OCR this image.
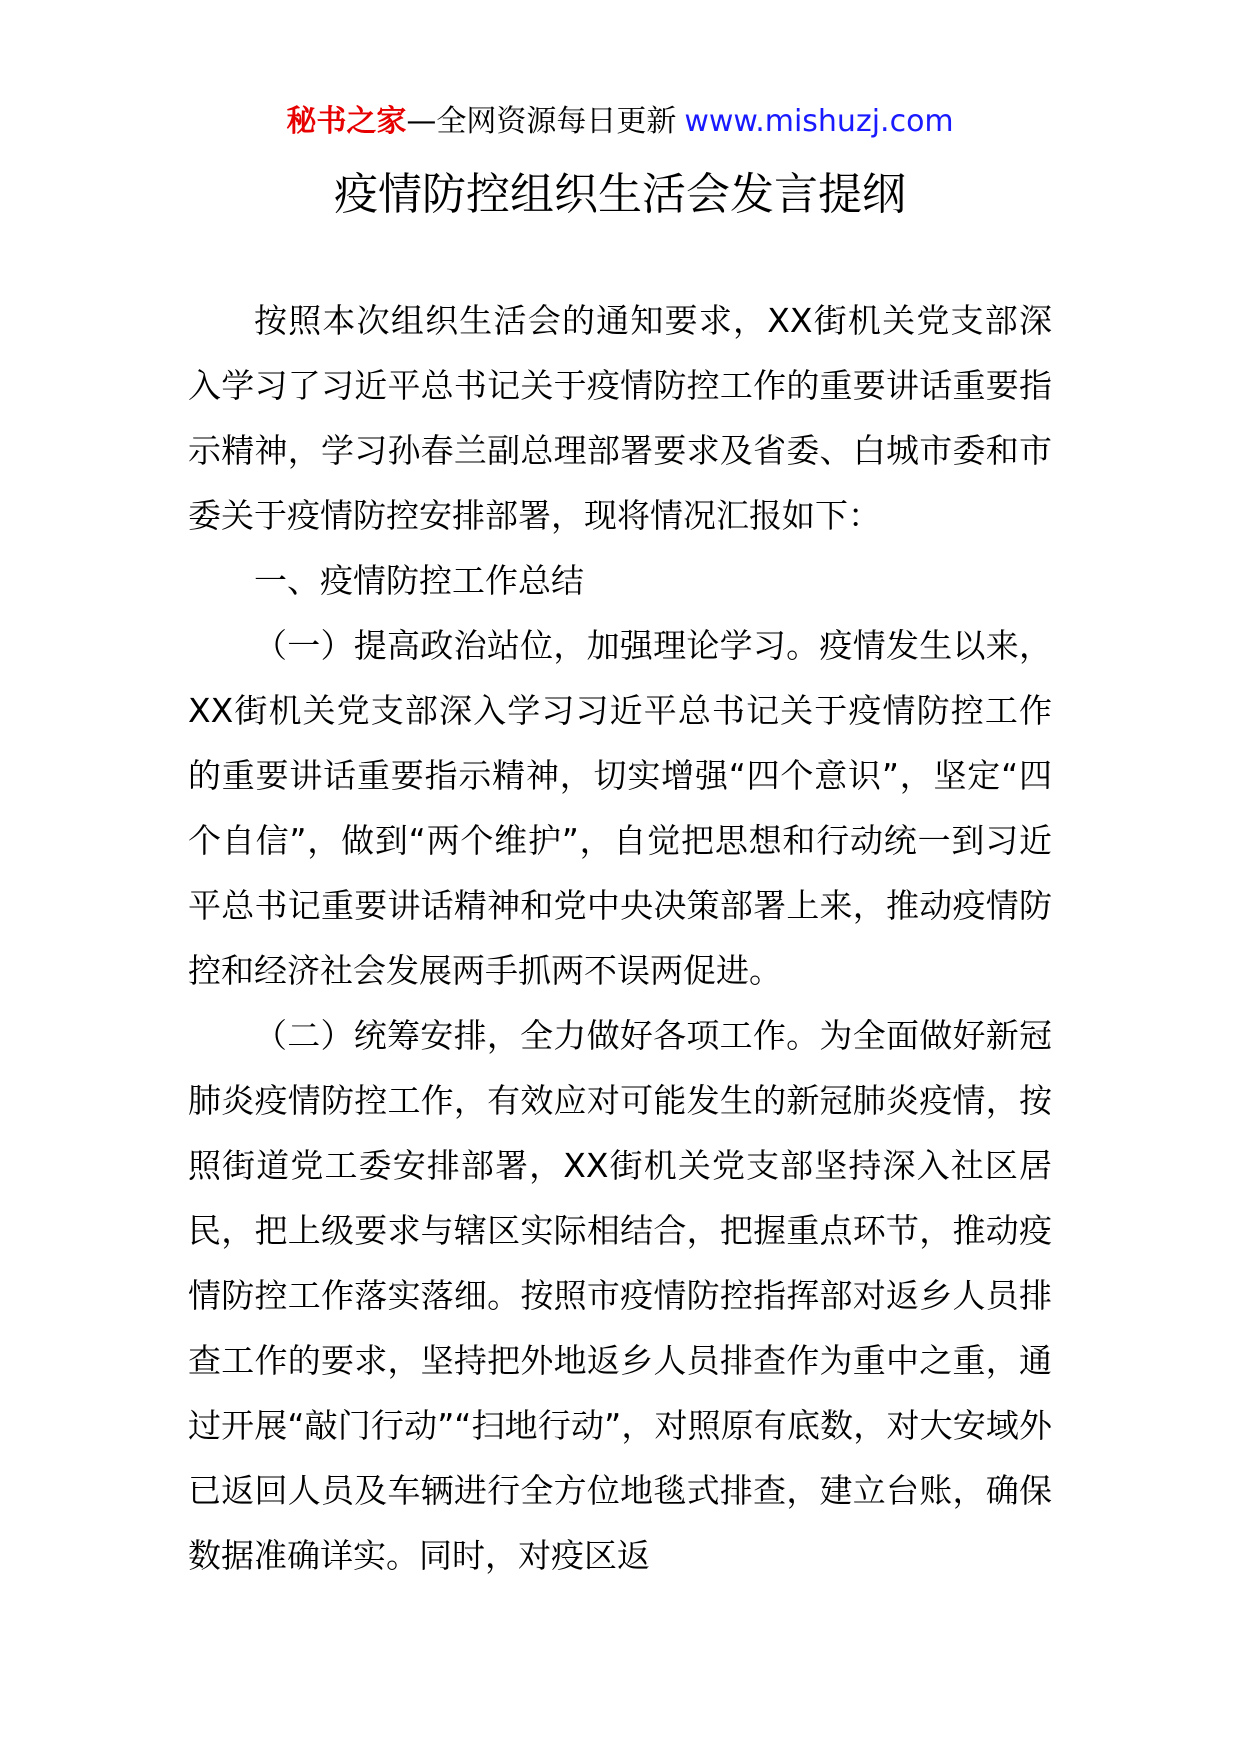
秘书之家—全网资源每日更新 www.mishuzj.com
疫情防控组织生活会发言提纲

按照本次组织生活会的通知要求，XX街机关党支部深入学习了习近平总书记关于疫情防控工作的重要讲话重要指示精神，学习孙春兰副总理部署要求及省委、白城市委和市委关于疫情防控安排部署，现将情况汇报如下：

一、疫情防控工作总结

（一）提高政治站位，加强理论学习。疫情发生以来，XX街机关党支部深入学习习近平总书记关于疫情防控工作的重要讲话重要指示精神，切实增强“四个意识”，坚定“四个自信”，做到“两个维护”，自觉把思想和行动统一到习近平总书记重要讲话精神和党中央决策部署上来，推动疫情防控和经济社会发展两手抓两不误两促进。

（二）统筹安排，全力做好各项工作。为全面做好新冠肺炎疫情防控工作，有效应对可能发生的新冠肺炎疫情，按照街道党工委安排部署，XX街机关党支部坚持深入社区居民，把上级要求与辖区实际相结合，把握重点环节，推动疫情防控工作落实落细。按照市疫情防控指挥部对返乡人员排查工作的要求，坚持把外地返乡人员排查作为重中之重，通过开展“敲门行动”“扫地行动”，对照原有底数，对大安域外已返回人员及车辆进行全方位地毯式排查，建立台账，确保数据准确详实。同时，对疫区返
